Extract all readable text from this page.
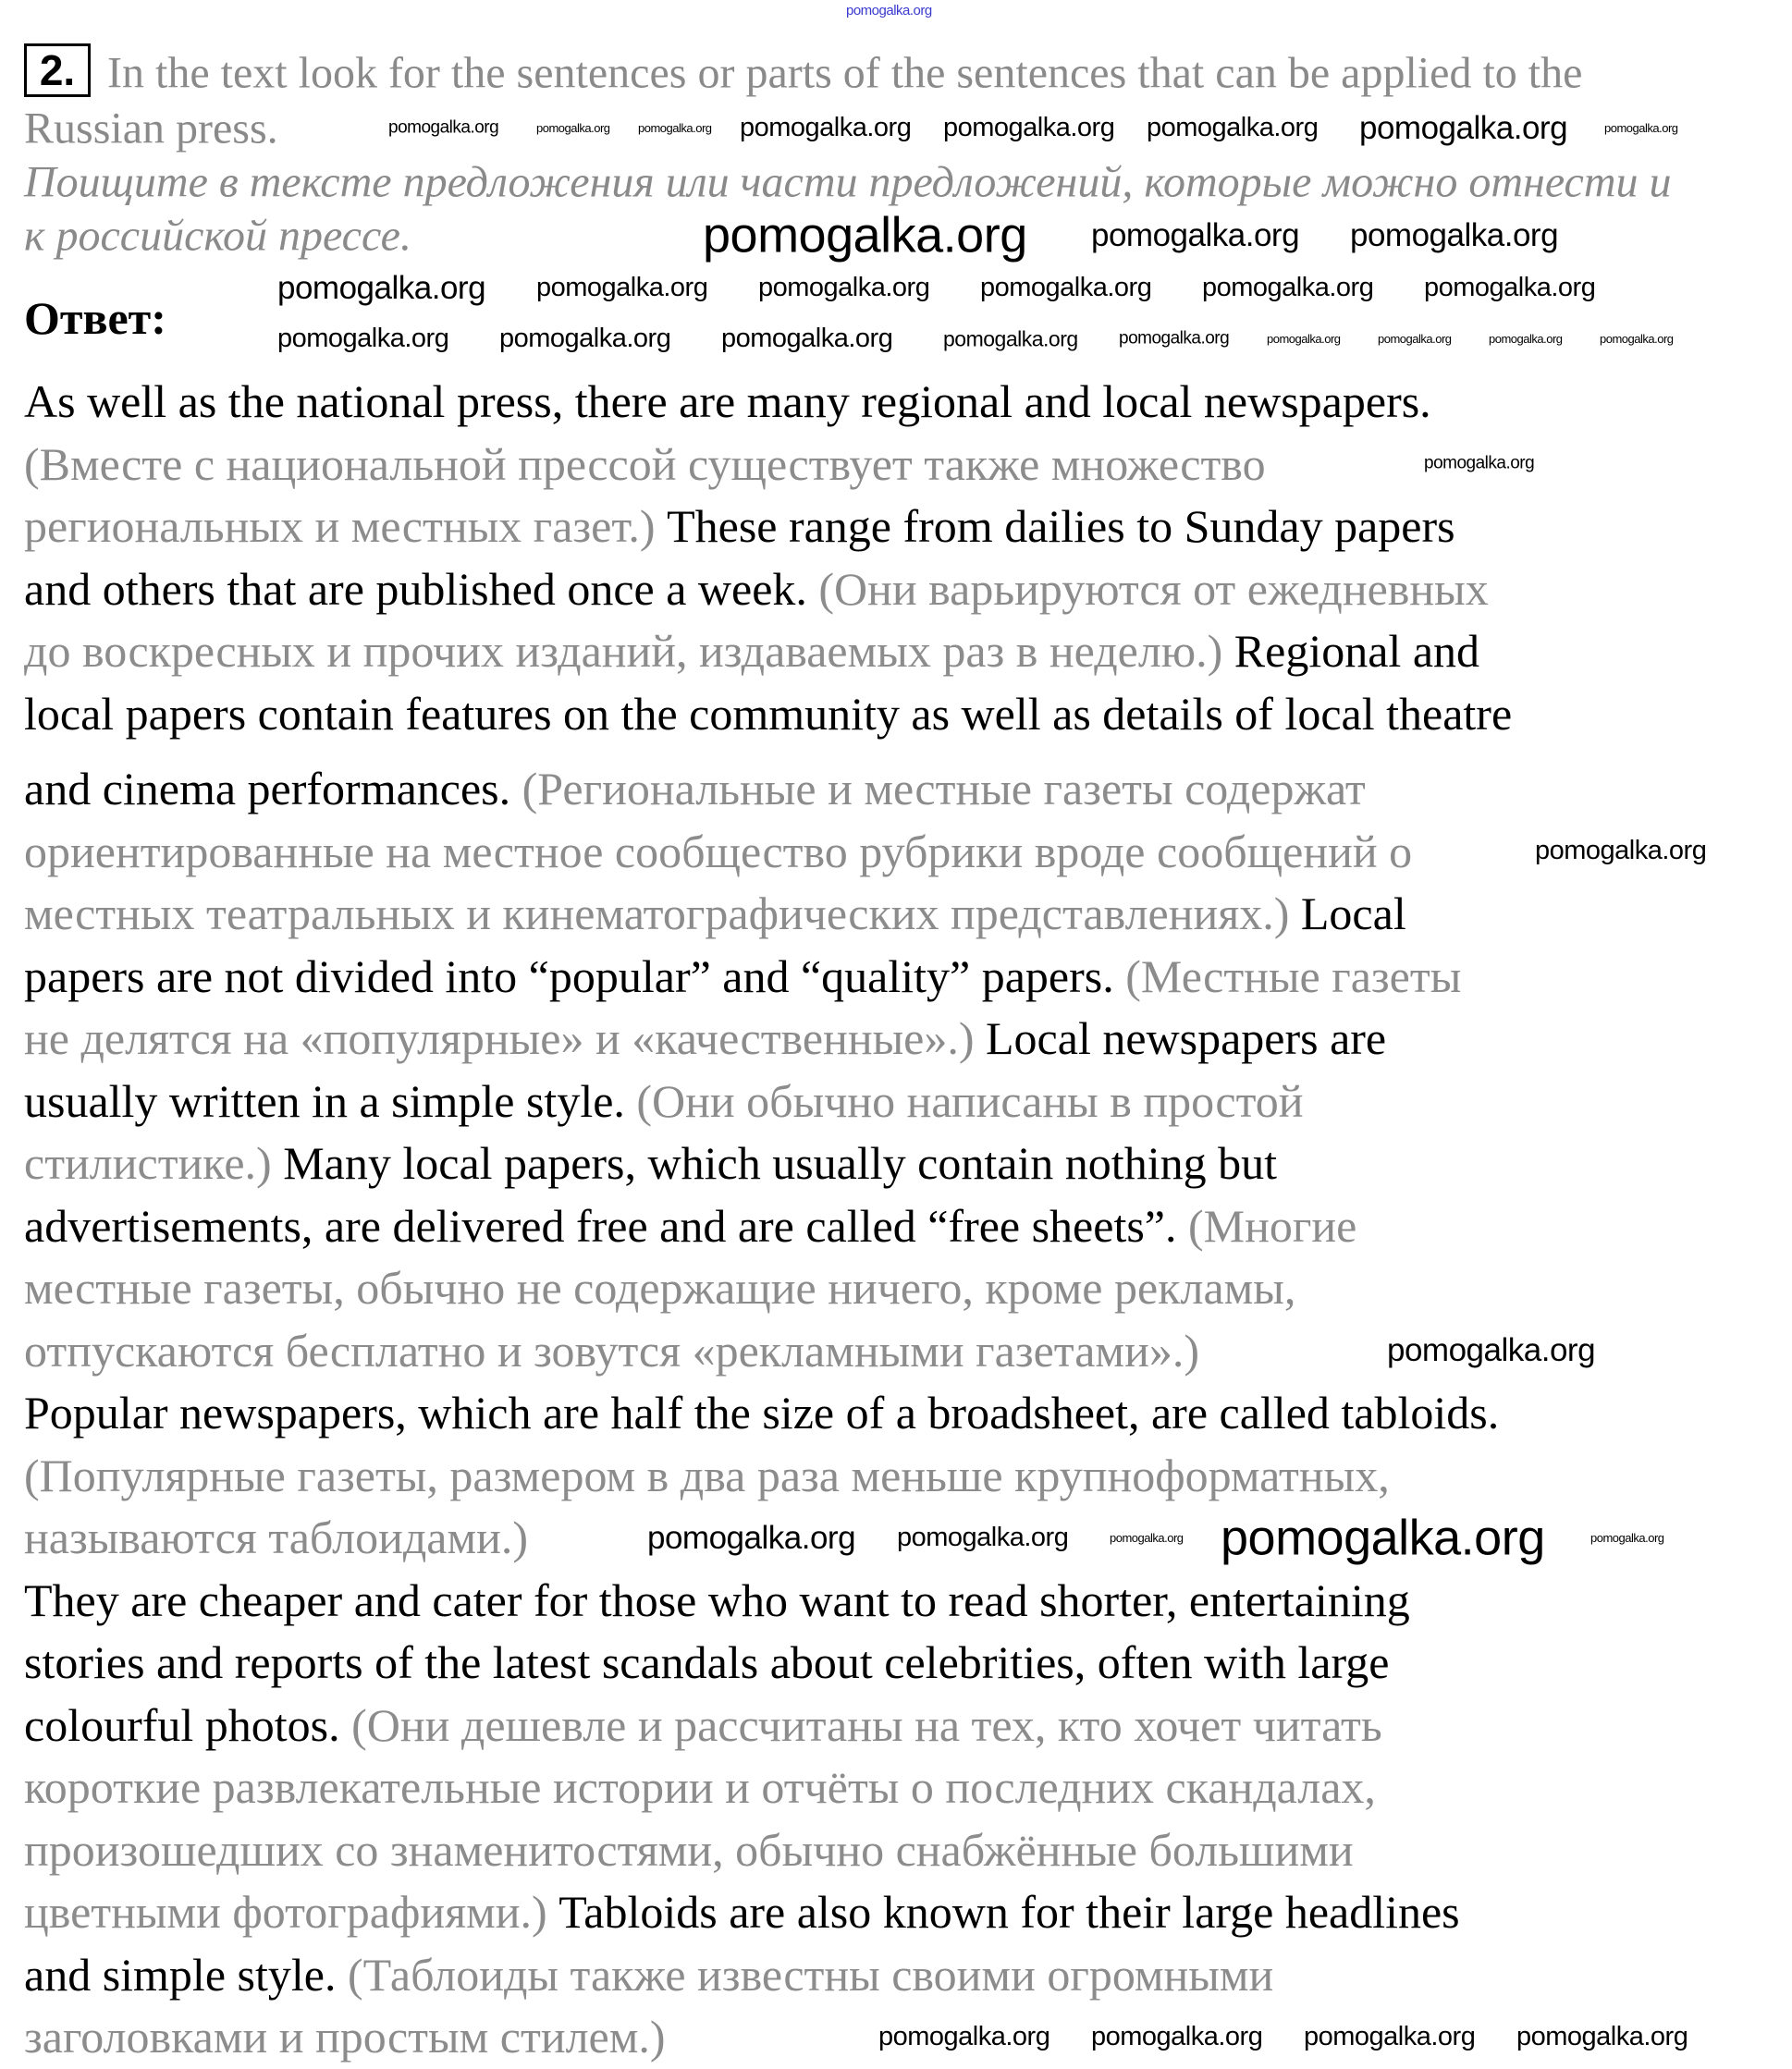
pomogalka.org
2. In the text look for the sentences or parts of the sentences that can be applied to the
Russian press.
Поищите в тексте предложения или части предложений, которые можно отнести и
к российской прессе.
Ответ:
As well as the national press, there are many regional and local newspapers.
(Вместе с национальной прессой существует также множество
региональных и местных газет.) These range from dailies to Sunday papers
and others that are published once a week. (Они варьируются от ежедневных
до воскресных и прочих изданий, издаваемых раз в неделю.) Regional and
local papers contain features on the community as well as details of local theatre
and cinema performances. (Региональные и местные газеты содержат
ориентированные на местное сообщество рубрики вроде сообщений о
местных театральных и кинематографических представлениях.) Local
papers are not divided into “popular” and “quality” papers. (Местные газеты
не делятся на «популярные» и «качественные».) Local newspapers are
usually written in a simple style. (Они обычно написаны в простой
стилистике.) Many local papers, which usually contain nothing but
advertisements, are delivered free and are called “free sheets”. (Многие
местные газеты, обычно не содержащие ничего, кроме рекламы,
отпускаются бесплатно и зовутся «рекламными газетами».)
Popular newspapers, which are half the size of a broadsheet, are called tabloids.
(Популярные газеты, размером в два раза меньше крупноформатных,
называются таблоидами.)
They are cheaper and cater for those who want to read shorter, entertaining
stories and reports of the latest scandals about celebrities, often with large
colourful photos. (Они дешевле и рассчитаны на тех, кто хочет читать
короткие развлекательные истории и отчёты о последних скандалах,
произошедших со знаменитостями, обычно снабжённые большими
цветными фотографиями.) Tabloids are also known for their large headlines
and simple style. (Таблоиды также известны своими огромными
заголовками и простым стилем.)
pomogalka.org	pomogalka.org pomogalka.org pomogalka.org pomogalka.org pomogalka.org pomogalka.org	pomogalka.org
pomogalka.org pomogalka.org pomogalka.org
pomogalka.org pomogalka.org pomogalka.org pomogalka.org pomogalka.org pomogalka.org
pomogalka.org pomogalka.org pomogalka.org pomogalka.org pomogalka.org	pomogalka.org	pomogalka.org	pomogalka.org	pomogalka.org
pomogalka.org
pomogalka.org
pomogalka.org
pomogalka.org pomogalka.org	pomogalka.org pomogalka.org	pomogalka.org
pomogalka.org pomogalka.org pomogalka.org pomogalka.org
